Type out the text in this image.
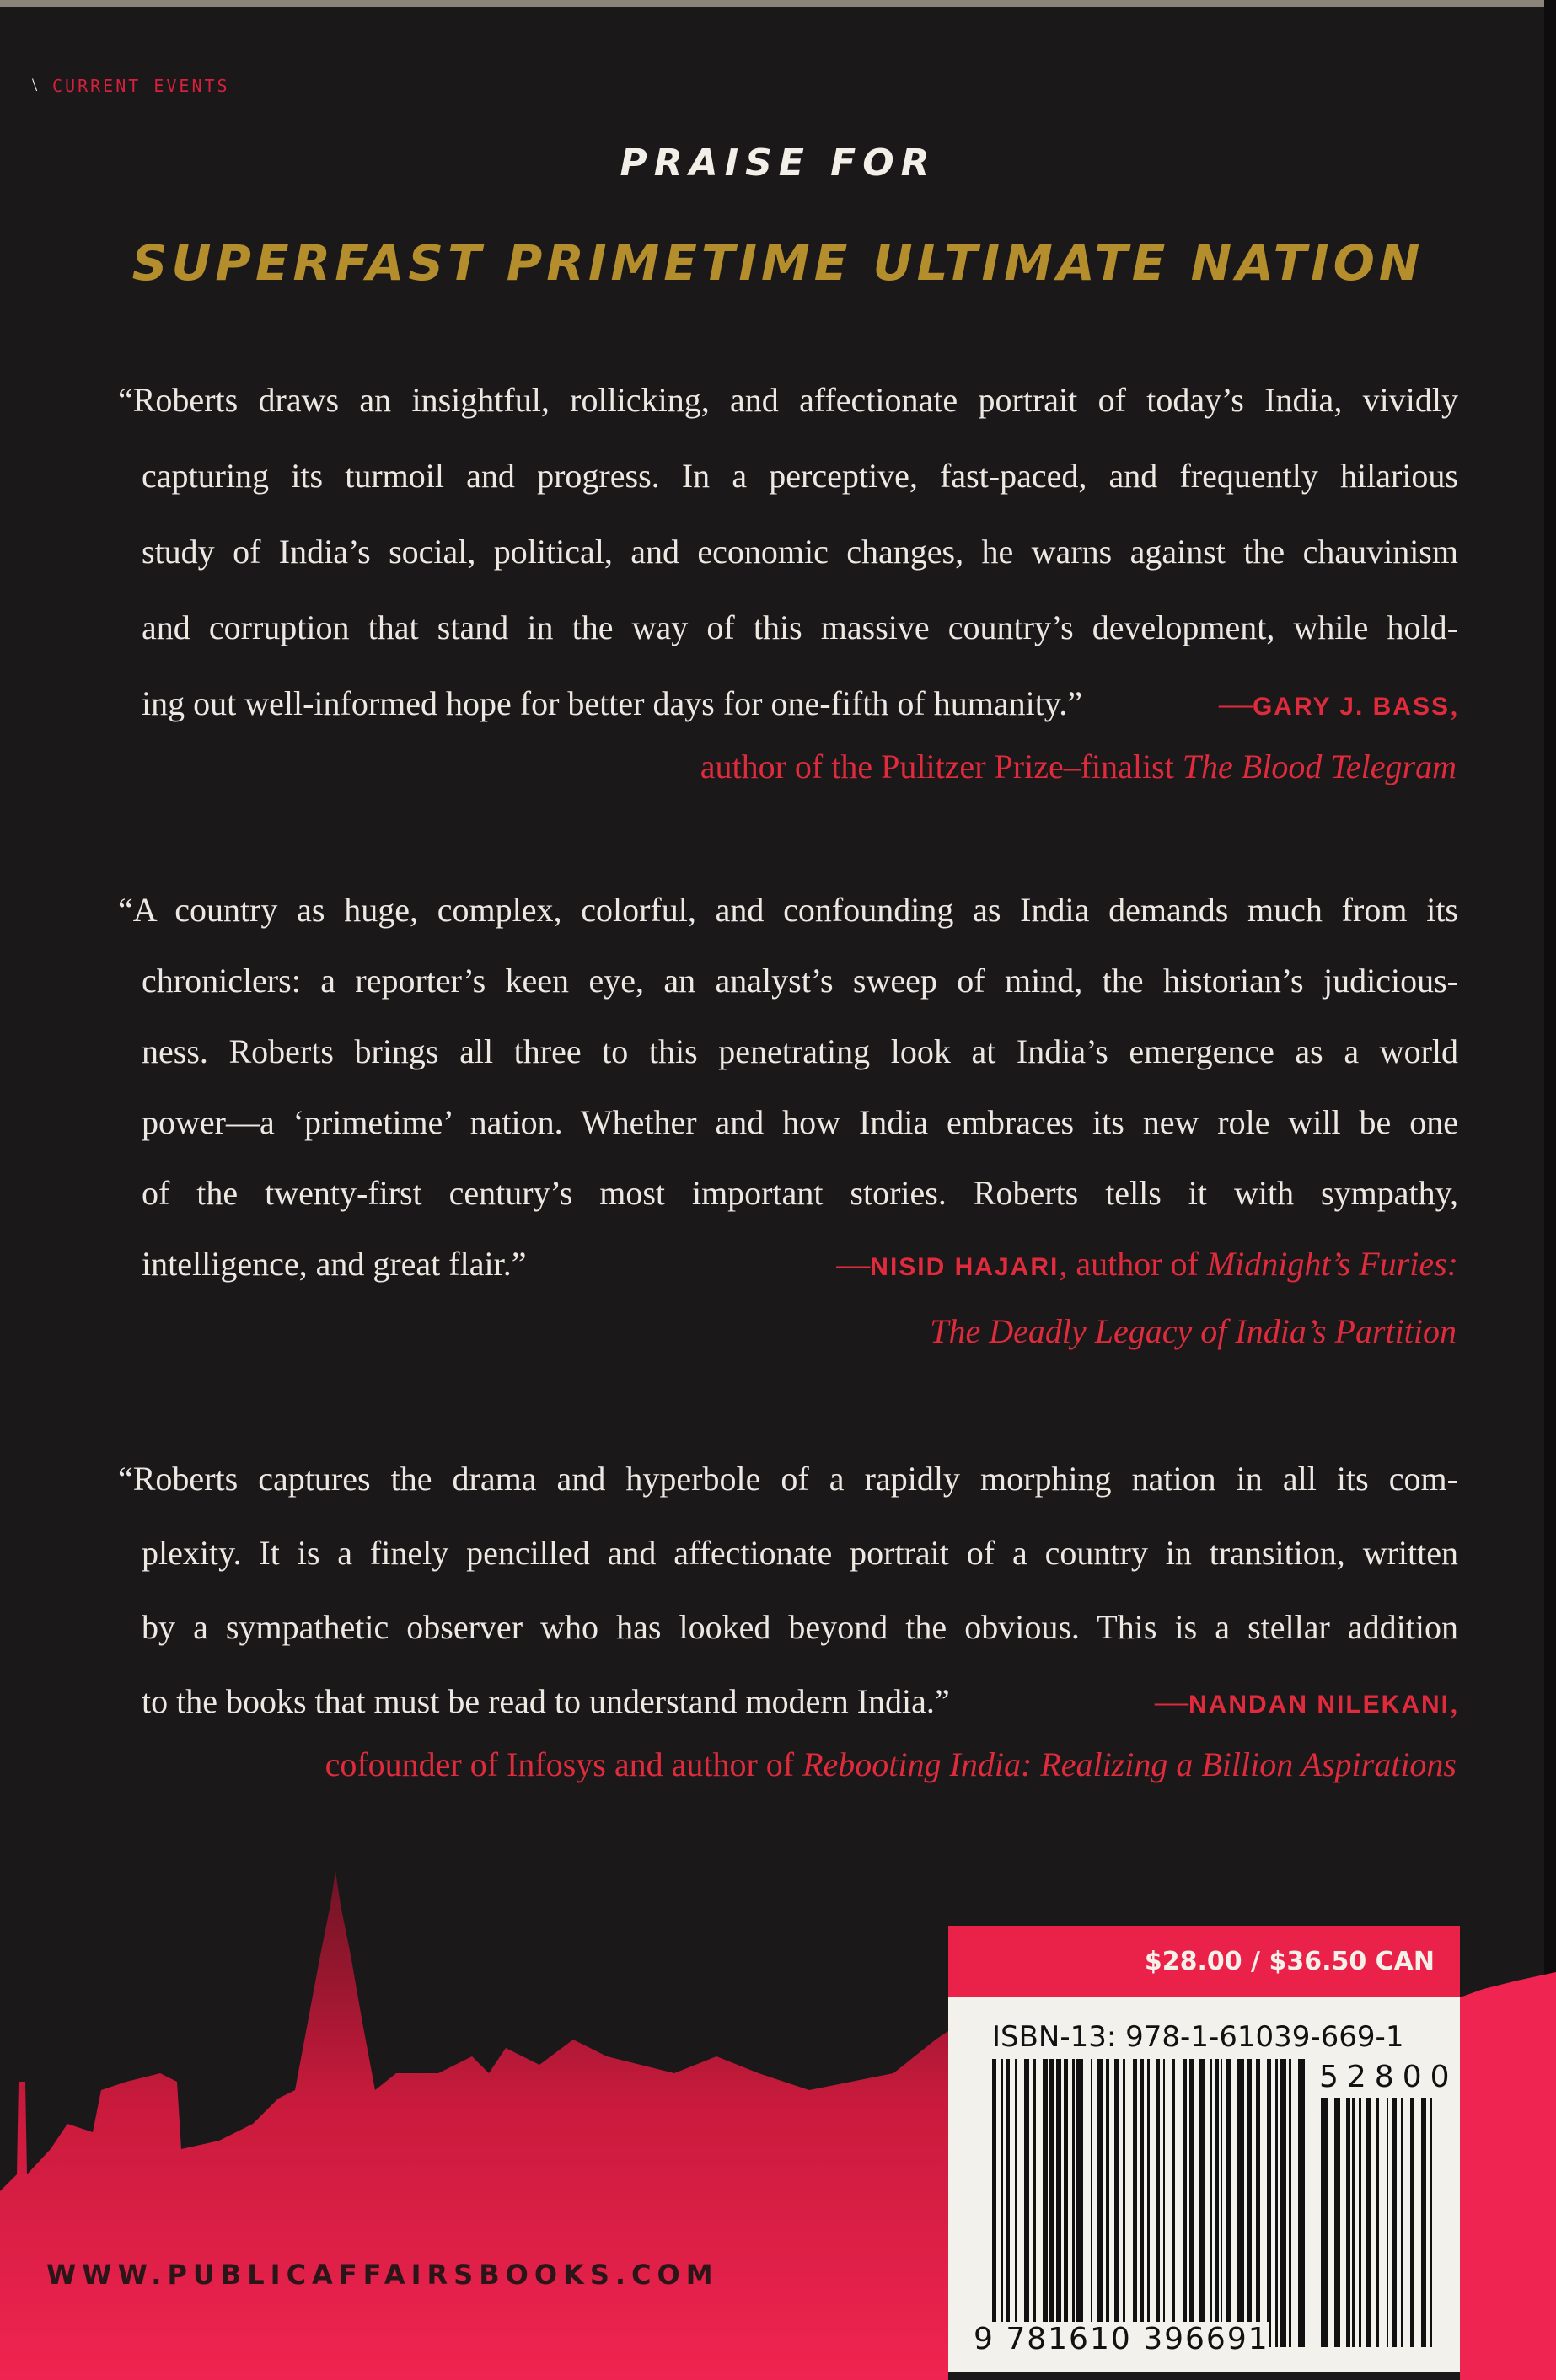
\ CURRENT EVENTS
PRAISE FOR
SUPERFAST PRIMETIME ULTIMATE NATION
“Roberts draws an insightful, rollicking, and affectionate portrait of today’s India, vividly
capturing its turmoil and progress. In a perceptive, fast-paced, and frequently hilarious
study of India’s social, political, and economic changes, he warns against the chauvinism
and corruption that stand in the way of this massive country’s development, while hold-
ing out well-informed hope for better days for one-fifth of humanity.”	—GARY J. BASS,
author of the Pulitzer Prize–finalist The Blood Telegram
“A country as huge, complex, colorful, and confounding as India demands much from its
chroniclers: a reporter’s keen eye, an analyst’s sweep of mind, the historian’s judicious-
ness. Roberts brings all three to this penetrating look at India’s emergence as a world
power—a ‘primetime’ nation. Whether and how India embraces its new role will be one
of the twenty-first century’s most important stories. Roberts tells it with sympathy,
intelligence, and great flair.”	—NISID HAJARI, author of Midnight’s Furies:
The Deadly Legacy of India’s Partition
“Roberts captures the drama and hyperbole of a rapidly morphing nation in all its com-
plexity. It is a finely pencilled and affectionate portrait of a country in transition, written
by a sympathetic observer who has looked beyond the obvious. This is a stellar addition
to the books that must be read to understand modern India.”	—NANDAN NILEKANI,
cofounder of Infosys and author of Rebooting India: Realizing a Billion Aspirations
WWW.PUBLICAFFAIRSBOOKS.COM
$28.00 / $36.50 CAN
ISBN-13: 978-1-61039-669-1
52800
9 781610 396691
